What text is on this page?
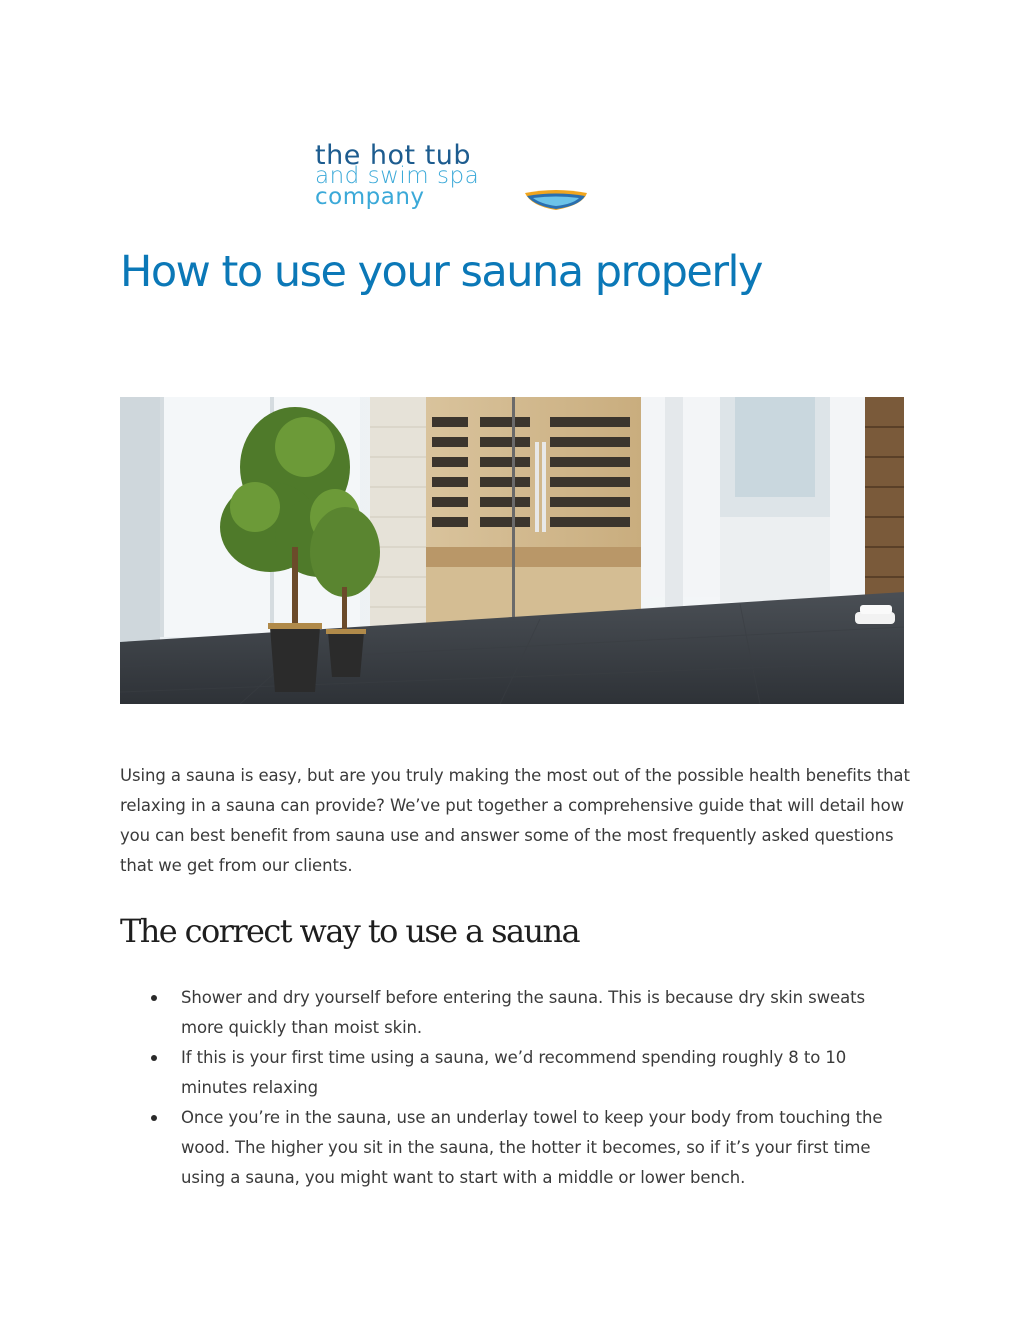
the hot tub
and swim spa
company
How to use your sauna properly

Using a sauna is easy, but are you truly making the most out of the possible health benefits that relaxing in a sauna can provide? We’ve put together a comprehensive guide that will detail how you can best benefit from sauna use and answer some of the most frequently asked questions that we get from our clients.

The correct way to use a sauna
Shower and dry yourself before entering the sauna. This is because dry skin sweats more quickly than moist skin.
If this is your first time using a sauna, we’d recommend spending roughly 8 to 10 minutes relaxing
Once you’re in the sauna, use an underlay towel to keep your body from touching the wood. The higher you sit in the sauna, the hotter it becomes, so if it’s your first time using a sauna, you might want to start with a middle or lower bench.
